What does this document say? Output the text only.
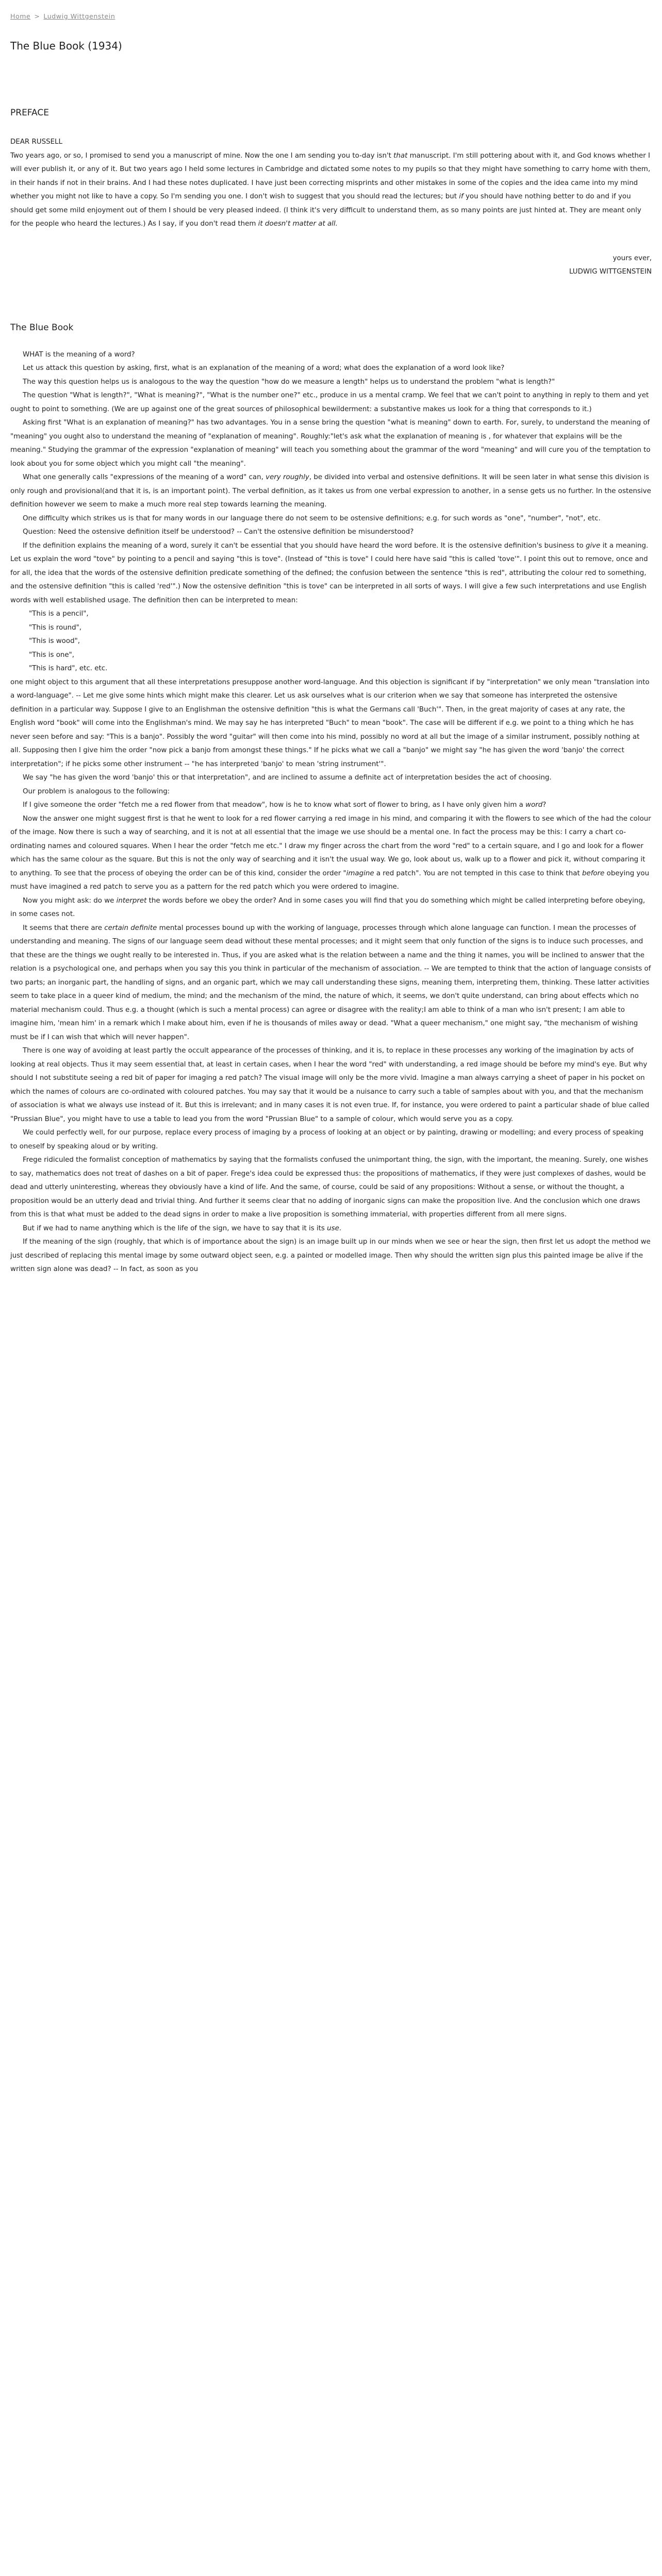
Home > Ludwig Wittgenstein
The Blue Book (1934)
PREFACE

DEAR RUSSELL

Two years ago, or so, I promised to send you a manuscript of mine. Now the one I am sending you to-day isn't that manuscript. I'm still pottering about with it, and God knows whether I will ever publish it, or any of it. But two years ago I held some lectures in Cambridge and dictated some notes to my pupils so that they might have something to carry home with them, in their hands if not in their brains. And I had these notes duplicated. I have just been correcting misprints and other mistakes in some of the copies and the idea came into my mind whether you might not like to have a copy. So I'm sending you one. I don't wish to suggest that you should read the lectures; but if you should have nothing better to do and if you should get some mild enjoyment out of them I should be very pleased indeed. (I think it's very difficult to understand them, as so many points are just hinted at. They are meant only for the people who heard the lectures.) As I say, if you don't read them it doesn't matter at all.

yours ever,
LUDWIG WITTGENSTEIN
The Blue Book

WHAT is the meaning of a word?

Let us attack this question by asking, first, what is an explanation of the meaning of a word; what does the explanation of a word look like?

The way this question helps us is analogous to the way the question "how do we measure a length" helps us to understand the problem "what is length?"

The question "What is length?", "What is meaning?", "What is the number one?" etc., produce in us a mental cramp. We feel that we can't point to anything in reply to them and yet ought to point to something. (We are up against one of the great sources of philosophical bewilderment: a substantive makes us look for a thing that corresponds to it.)

Asking first "What is an explanation of meaning?" has two advantages. You in a sense bring the question "what is meaning" down to earth. For, surely, to understand the meaning of "meaning" you ought also to understand the meaning of "explanation of meaning". Roughly:"let's ask what the explanation of meaning is , for whatever that explains will be the meaning." Studying the grammar of the expression "explanation of meaning" will teach you something about the grammar of the word "meaning" and will cure you of the temptation to look about you for some object which you might call "the meaning".

What one generally calls "expressions of the meaning of a word" can, very roughly, be divided into verbal and ostensive definitions. It will be seen later in what sense this division is only rough and provisional(and that it is, is an important point). The verbal definition, as it takes us from one verbal expression to another, in a sense gets us no further. In the ostensive definition however we seem to make a much more real step towards learning the meaning.

One difficulty which strikes us is that for many words in our language there do not seem to be ostensive definitions; e.g. for such words as "one", "number", "not", etc.

Question: Need the ostensive definition itself be understood? -- Can't the ostensive definition be misunderstood?

If the definition explains the meaning of a word, surely it can't be essential that you should have heard the word before. It is the ostensive definition's business to give it a meaning. Let us explain the word "tove" by pointing to a pencil and saying "this is tove". (Instead of "this is tove" I could here have said "this is called 'tove'". I point this out to remove, once and for all, the idea that the words of the ostensive definition predicate something of the defined; the confusion between the sentence "this is red", attributing the colour red to something, and the ostensive definition "this is called 'red'".) Now the ostensive definition "this is tove" can be interpreted in all sorts of ways. I will give a few such interpretations and use English words with well established usage. The definition then can be interpreted to mean:

"This is a pencil",

"This is round",

"This is wood",

"This is one",

"This is hard", etc. etc.

one might object to this argument that all these interpretations presuppose another word-language. And this objection is significant if by "interpretation" we only mean "translation into a word-language". -- Let me give some hints which might make this clearer. Let us ask ourselves what is our criterion when we say that someone has interpreted the ostensive definition in a particular way. Suppose I give to an Englishman the ostensive definition "this is what the Germans call 'Buch'". Then, in the great majority of cases at any rate, the English word "book" will come into the Englishman's mind. We may say he has interpreted "Buch" to mean "book". The case will be different if e.g. we point to a thing which he has never seen before and say: "This is a banjo". Possibly the word "guitar" will then come into his mind, possibly no word at all but the image of a similar instrument, possibly nothing at all. Supposing then I give him the order "now pick a banjo from amongst these things." If he picks what we call a "banjo" we might say "he has given the word 'banjo' the correct interpretation"; if he picks some other instrument -- "he has interpreted 'banjo' to mean 'string instrument'".

We say "he has given the word 'banjo' this or that interpretation", and are inclined to assume a definite act of interpretation besides the act of choosing.

Our problem is analogous to the following:

If I give someone the order "fetch me a red flower from that meadow", how is he to know what sort of flower to bring, as I have only given him a word?

Now the answer one might suggest first is that he went to look for a red flower carrying a red image in his mind, and comparing it with the flowers to see which of the had the colour of the image. Now there is such a way of searching, and it is not at all essential that the image we use should be a mental one. In fact the process may be this: I carry a chart co-ordinating names and coloured squares. When I hear the order "fetch me etc." I draw my finger across the chart from the word "red" to a certain square, and I go and look for a flower which has the same colour as the square. But this is not the only way of searching and it isn't the usual way. We go, look about us, walk up to a flower and pick it, without comparing it to anything. To see that the process of obeying the order can be of this kind, consider the order "imagine a red patch". You are not tempted in this case to think that before obeying you must have imagined a red patch to serve you as a pattern for the red patch which you were ordered to imagine.

Now you might ask: do we interpret the words before we obey the order? And in some cases you will find that you do something which might be called interpreting before obeying, in some cases not.

It seems that there are certain definite mental processes bound up with the working of language, processes through which alone language can function. I mean the processes of understanding and meaning. The signs of our language seem dead without these mental processes; and it might seem that only function of the signs is to induce such processes, and that these are the things we ought really to be interested in. Thus, if you are asked what is the relation between a name and the thing it names, you will be inclined to answer that the relation is a psychological one, and perhaps when you say this you think in particular of the mechanism of association. -- We are tempted to think that the action of language consists of two parts; an inorganic part, the handling of signs, and an organic part, which we may call understanding these signs, meaning them, interpreting them, thinking. These latter activities seem to take place in a queer kind of medium, the mind; and the mechanism of the mind, the nature of which, it seems, we don't quite understand, can bring about effects which no material mechanism could. Thus e.g. a thought (which is such a mental process) can agree or disagree with the reality;I am able to think of a man who isn't present; I am able to imagine him, 'mean him' in a remark which I make about him, even if he is thousands of miles away or dead. "What a queer mechanism," one might say, "the mechanism of wishing must be if I can wish that which will never happen".

There is one way of avoiding at least partly the occult appearance of the processes of thinking, and it is, to replace in these processes any working of the imagination by acts of looking at real objects. Thus it may seem essential that, at least in certain cases, when I hear the word "red" with understanding, a red image should be before my mind's eye. But why should I not substitute seeing a red bit of paper for imaging a red patch? The visual image will only be the more vivid. Imagine a man always carrying a sheet of paper in his pocket on which the names of colours are co-ordinated with coloured patches. You may say that it would be a nuisance to carry such a table of samples about with you, and that the mechanism of association is what we always use instead of it. But this is irrelevant; and in many cases it is not even true. If, for instance, you were ordered to paint a particular shade of blue called "Prussian Blue", you might have to use a table to lead you from the word "Prussian Blue" to a sample of colour, which would serve you as a copy.

We could perfectly well, for our purpose, replace every process of imaging by a process of looking at an object or by painting, drawing or modelling; and every process of speaking to oneself by speaking aloud or by writing.

Frege ridiculed the formalist conception of mathematics by saying that the formalists confused the unimportant thing, the sign, with the important, the meaning. Surely, one wishes to say, mathematics does not treat of dashes on a bit of paper. Frege's idea could be expressed thus: the propositions of mathematics, if they were just complexes of dashes, would be dead and utterly uninteresting, whereas they obviously have a kind of life. And the same, of course, could be said of any propositions: Without a sense, or without the thought, a proposition would be an utterly dead and trivial thing. And further it seems clear that no adding of inorganic signs can make the proposition live. And the conclusion which one draws from this is that what must be added to the dead signs in order to make a live proposition is something immaterial, with properties different from all mere signs.

But if we had to name anything which is the life of the sign, we have to say that it is its use.

If the meaning of the sign (roughly, that which is of importance about the sign) is an image built up in our minds when we see or hear the sign, then first let us adopt the method we just described of replacing this mental image by some outward object seen, e.g. a painted or modelled image. Then why should the written sign plus this painted image be alive if the written sign alone was dead? -- In fact, as soon as you
